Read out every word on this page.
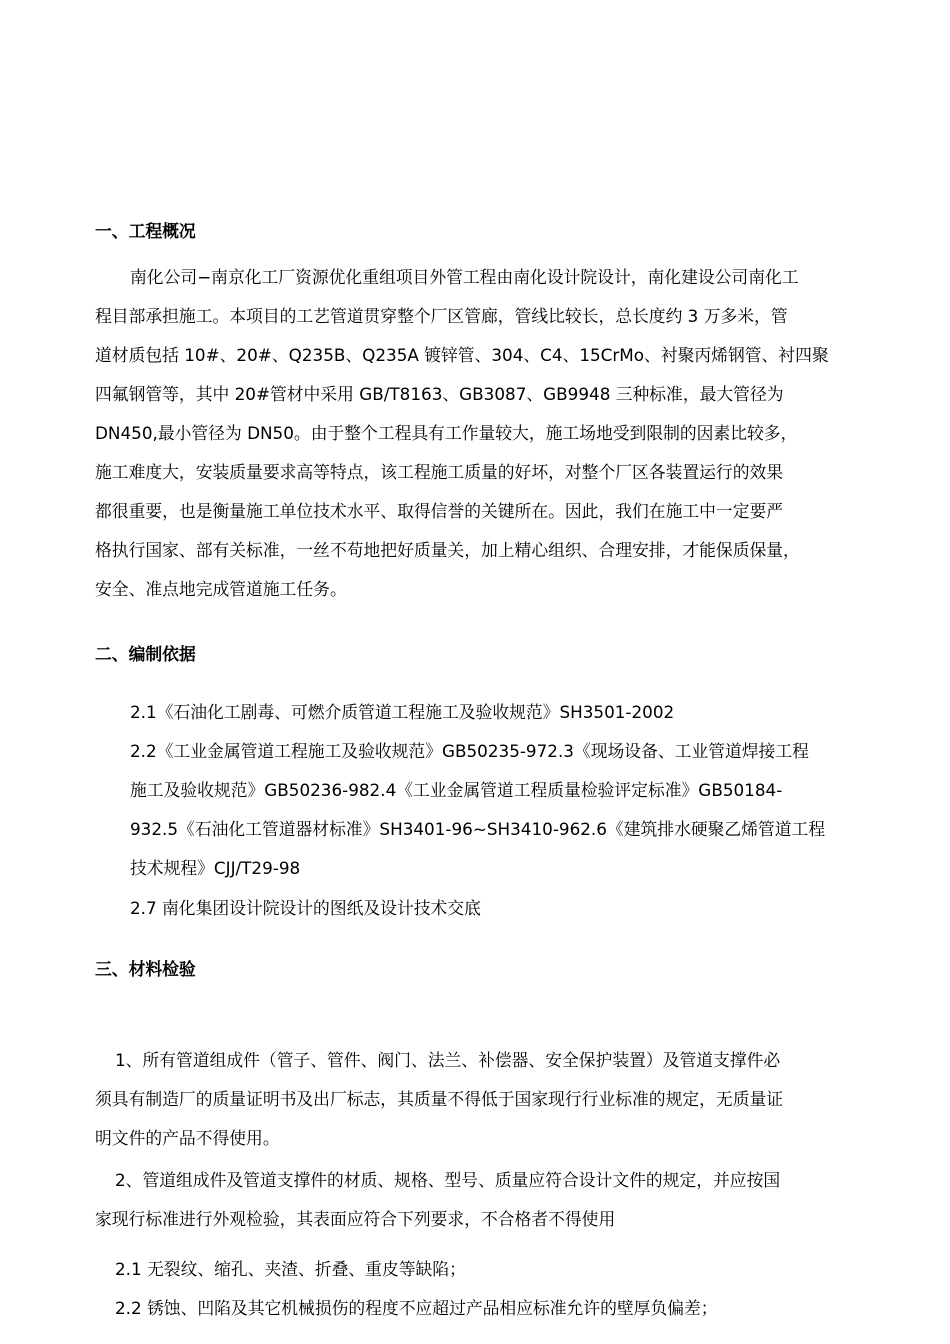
一、工程概况
南化公司−南京化工厂资源优化重组项目外管工程由南化设计院设计，南化建设公司南化工
程目部承担施工。本项目的工艺管道贯穿整个厂区管廊，管线比较长，总长度约 3 万多米，管
道材质包括 10#、20#、Q235B、Q235A 镀锌管、304、C4、15CrMo、衬聚丙烯钢管、衬四聚
四氟钢管等，其中 20#管材中采用 GB/T8163、GB3087、GB9948 三种标准，最大管径为
DN450,最小管径为 DN50。由于整个工程具有工作量较大，施工场地受到限制的因素比较多，
施工难度大，安装质量要求高等特点，该工程施工质量的好坏，对整个厂区各装置运行的效果
都很重要，也是衡量施工单位技术水平、取得信誉的关键所在。因此，我们在施工中一定要严
格执行国家、部有关标准，一丝不苟地把好质量关，加上精心组织、合理安排，才能保质保量，
安全、准点地完成管道施工任务。
二、编制依据
2.1《石油化工剧毒、可燃介质管道工程施工及验收规范》SH3501-2002
2.2《工业金属管道工程施工及验收规范》GB50235-972.3《现场设备、工业管道焊接工程
施工及验收规范》GB50236-982.4《工业金属管道工程质量检验评定标准》GB50184-
932.5《石油化工管道器材标准》SH3401-96~SH3410-962.6《建筑排水硬聚乙烯管道工程
技术规程》CJJ/T29-98
2.7 南化集团设计院设计的图纸及设计技术交底
三、材料检验
1、所有管道组成件（管子、管件、阀门、法兰、补偿器、安全保护装置）及管道支撑件必
须具有制造厂的质量证明书及出厂标志，其质量不得低于国家现行行业标准的规定，无质量证
明文件的产品不得使用。
2、管道组成件及管道支撑件的材质、规格、型号、质量应符合设计文件的规定，并应按国
家现行标准进行外观检验，其表面应符合下列要求，不合格者不得使用
2.1 无裂纹、缩孔、夹渣、折叠、重皮等缺陷；
2.2 锈蚀、凹陷及其它机械损伤的程度不应超过产品相应标准允许的壁厚负偏差；
